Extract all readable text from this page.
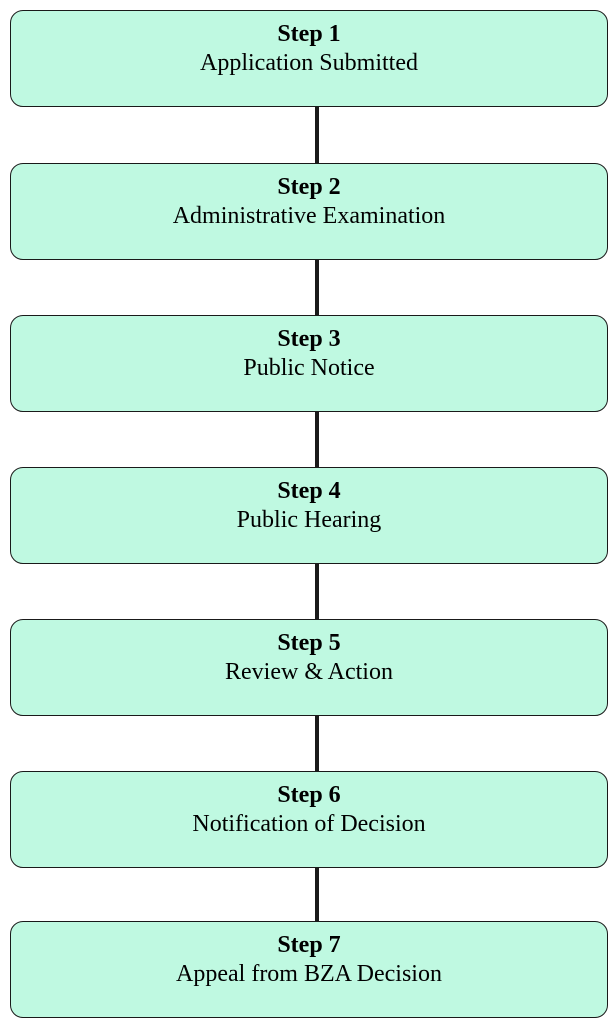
Step 1
Application Submitted
Step 2
Administrative Examination
Step 3
Public Notice
Step 4
Public Hearing
Step 5
Review & Action
Step 6
Notification of Decision
Step 7
Appeal from BZA Decision
